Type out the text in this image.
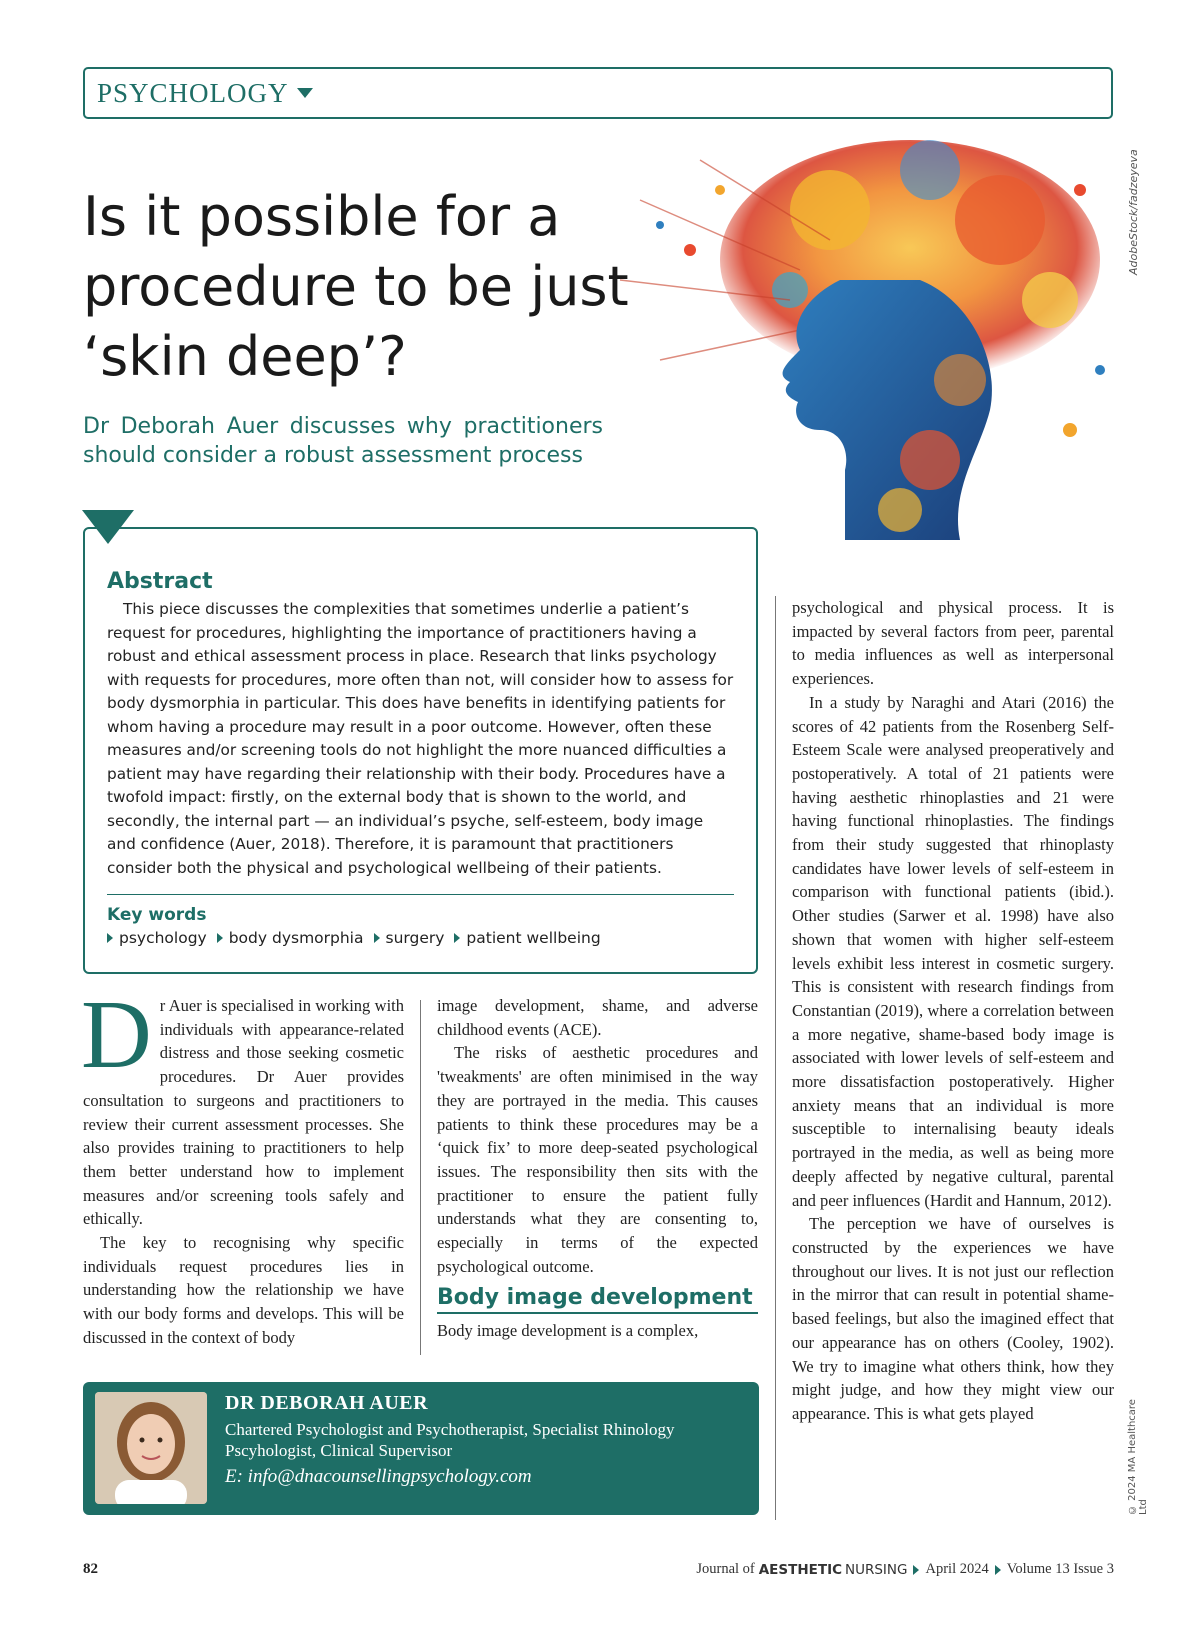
PSYCHOLOGY
Is it possible for a procedure to be just ‘skin deep’?

Dr Deborah Auer discusses why practitioners should consider a robust assessment process

AdobeStock/fadzeyeva
Abstract

This piece discusses the complexities that sometimes underlie a patient’s request for procedures, highlighting the importance of practitioners having a robust and ethical assessment process in place. Research that links psychology with requests for procedures, more often than not, will consider how to assess for body dysmorphia in particular. This does have benefits in identifying patients for whom having a procedure may result in a poor outcome. However, often these measures and/or screening tools do not highlight the more nuanced difficulties a patient may have regarding their relationship with their body. Procedures have a twofold impact: firstly, on the external body that is shown to the world, and secondly, the internal part — an individual’s psyche, self-esteem, body image and confidence (Auer, 2018). Therefore, it is paramount that practitioners consider both the physical and psychological wellbeing of their patients.

Key words
psychology body dysmorphia surgery patient wellbeing

Dr Auer is specialised in working with individuals with appearance-related distress and those seeking cosmetic procedures. Dr Auer provides consultation to surgeons and practitioners to review their current assessment processes. She also provides training to practitioners to help them better understand how to implement measures and/or screening tools safely and ethically.

The key to recognising why specific individuals request procedures lies in understanding how the relationship we have with our body forms and develops. This will be discussed in the context of body

image development, shame, and adverse childhood events (ACE).

The risks of aesthetic procedures and 'tweakments' are often minimised in the way they are portrayed in the media. This causes patients to think these procedures may be a ‘quick fix’ to more deep-seated psychological issues. The responsibility then sits with the practitioner to ensure the patient fully understands what they are consenting to, especially in terms of the expected psychological outcome.

Body image development

Body image development is a complex,

psychological and physical process. It is impacted by several factors from peer, parental to media influences as well as interpersonal experiences.

In a study by Naraghi and Atari (2016) the scores of 42 patients from the Rosenberg Self-Esteem Scale were analysed preoperatively and postoperatively. A total of 21 patients were having aesthetic rhinoplasties and 21 were having functional rhinoplasties. The findings from their study suggested that rhinoplasty candidates have lower levels of self-esteem in comparison with functional patients (ibid.). Other studies (Sarwer et al. 1998) have also shown that women with higher self-esteem levels exhibit less interest in cosmetic surgery. This is consistent with research findings from Constantian (2019), where a correlation between a more negative, shame-based body image is associated with lower levels of self-esteem and more dissatisfaction postoperatively. Higher anxiety means that an individual is more susceptible to internalising beauty ideals portrayed in the media, as well as being more deeply affected by negative cultural, parental and peer influences (Hardit and Hannum, 2012).

The perception we have of ourselves is constructed by the experiences we have throughout our lives. It is not just our reflection in the mirror that can result in potential shame-based feelings, but also the imagined effect that our appearance has on others (Cooley, 1902). We try to imagine what others think, how they might judge, and how they might view our appearance. This is what gets played

DR DEBORAH AUER
Chartered Psychologist and Psychotherapist, Specialist Rhinology Pscyhologist, Clinical Supervisor
E: info@dnacounsellingpsychology.com	© 2024 MA Healthcare Ltd
82	Journal of AESTHETIC NURSING April 2024 Volume 13 Issue 3
